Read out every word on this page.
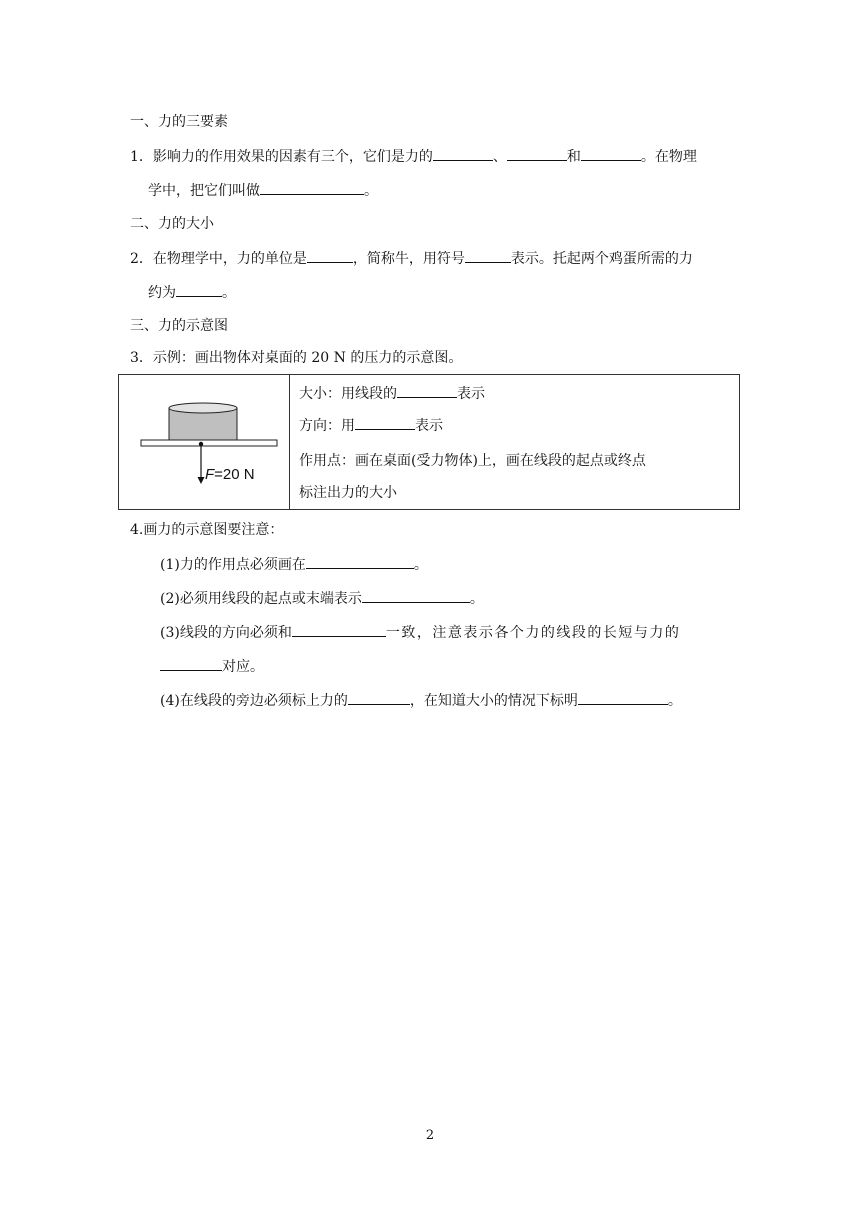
一、力的三要素
1．影响力的作用效果的因素有三个，它们是力的	、	和	。在物理
学中，把它们叫做	。
二、力的大小
2．在物理学中，力的单位是	，简称牛，用符号	表示。托起两个鸡蛋所需的力
约为	。
三、力的示意图
3．示例：画出物体对桌面的 20 N 的压力的示意图。
F=20 N
大小：用线段的	表示
方向：用	表示
作用点：画在桌面(受力物体)上，画在线段的起点或终点
标注出力的大小
4.画力的示意图要注意：
(1)力的作用点必须画在	。
(2)必须用线段的起点或末端表示	。
(3)线段的方向必须和	一致，注意表示各个力的线段的长短与力的
对应。
(4)在线段的旁边必须标上力的	，在知道大小的情况下标明	。
2
